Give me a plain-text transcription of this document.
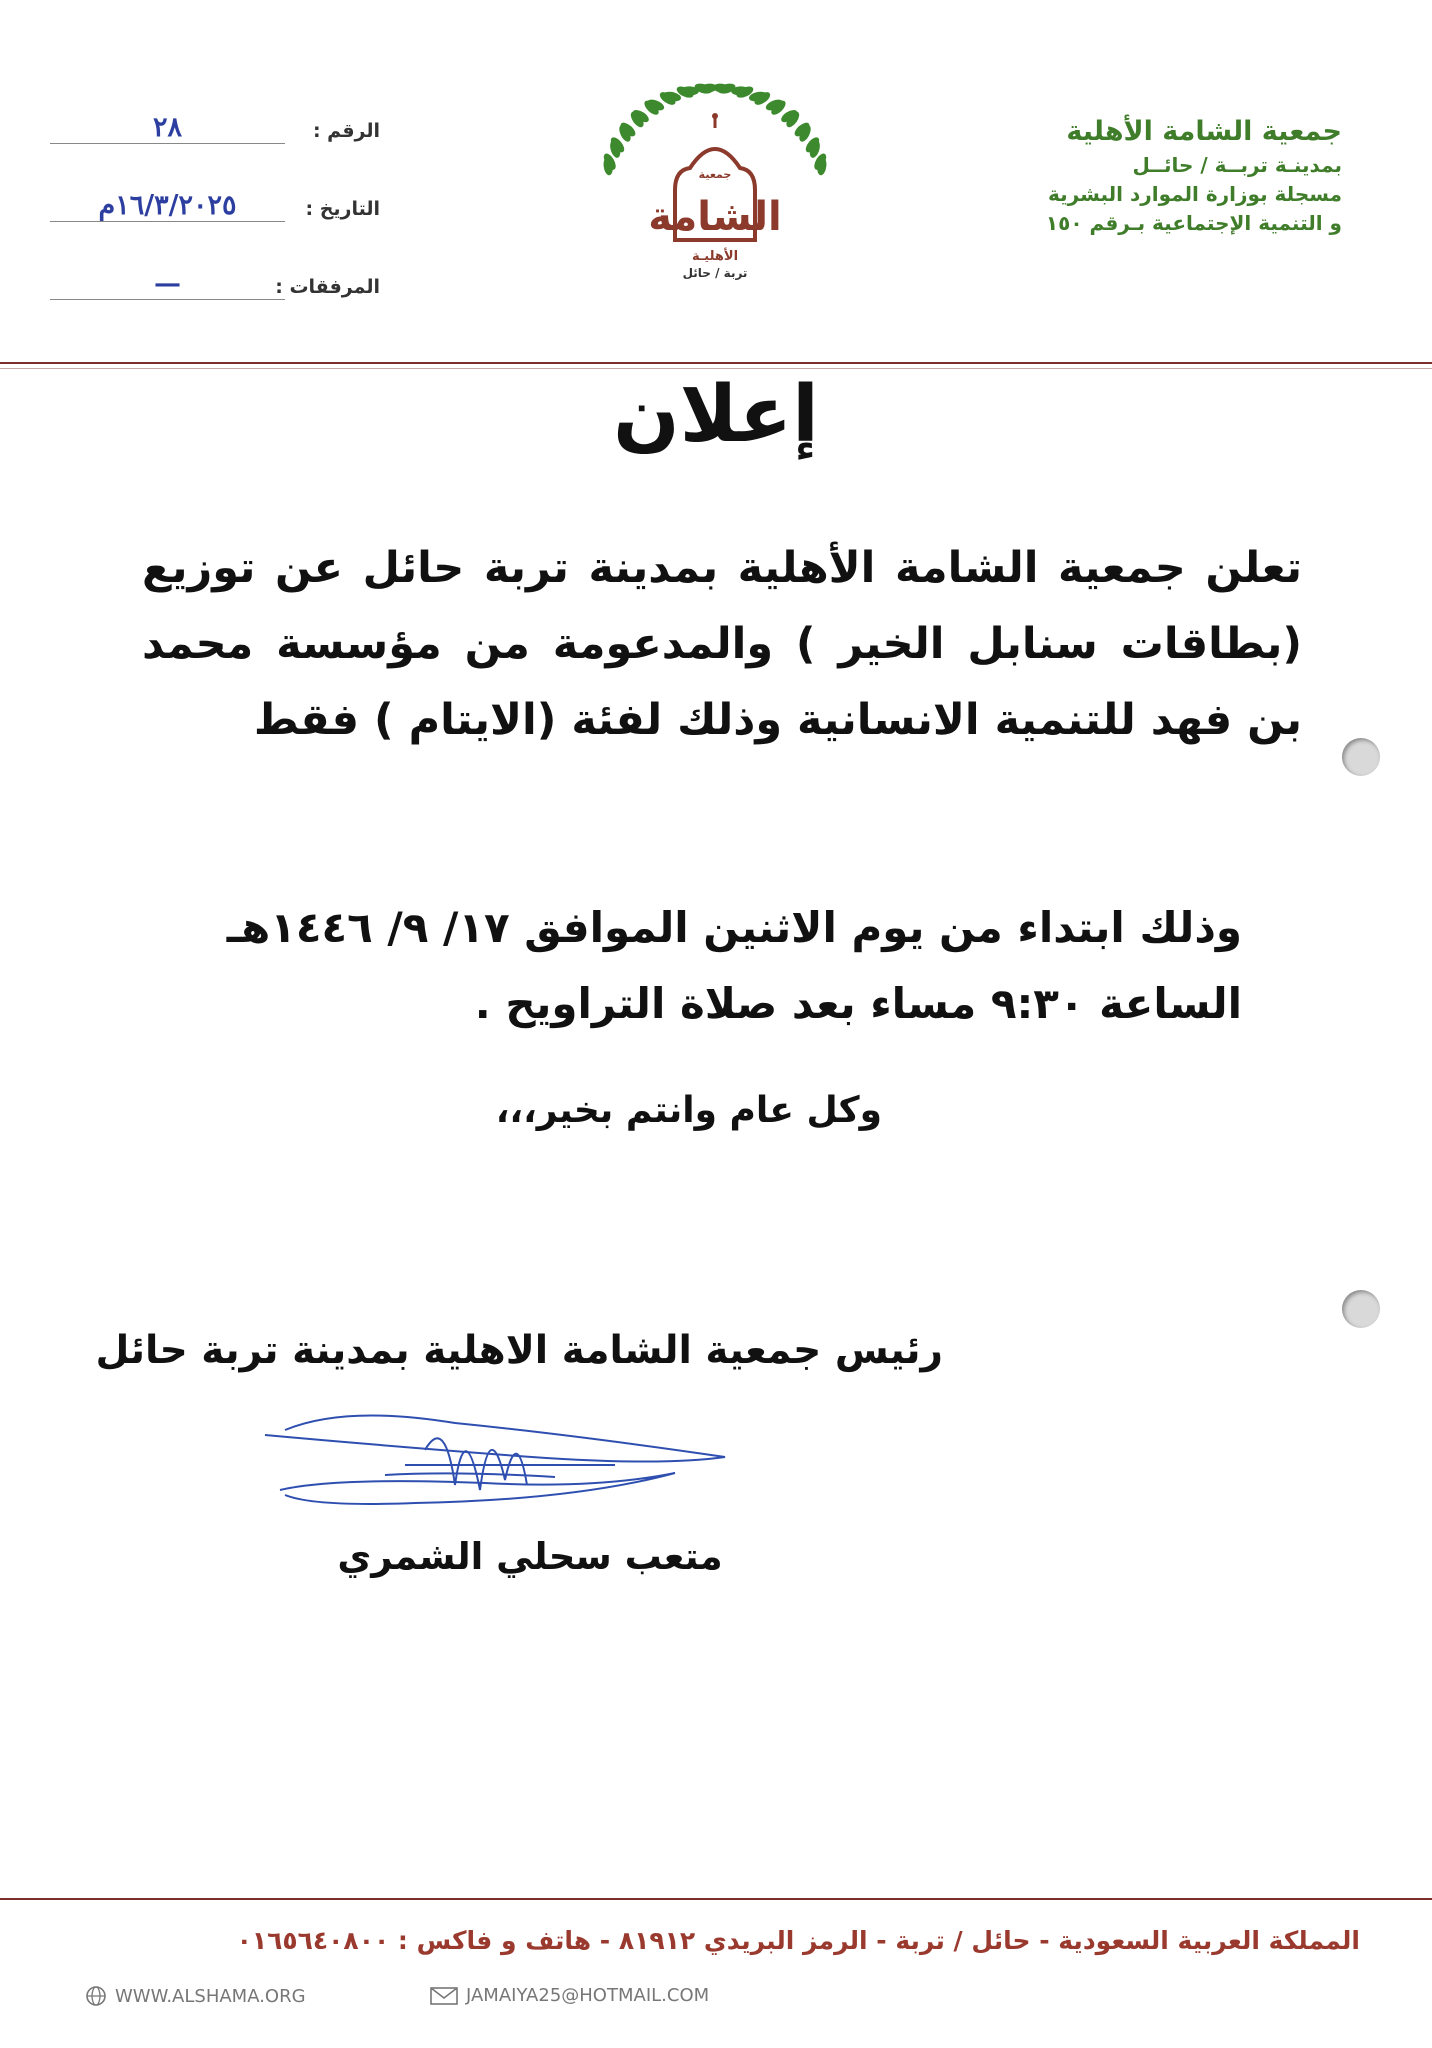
جمعية الشامة الأهلية
بمدينـة تربــة / حائــل
مسجلة بوزارة الموارد البشرية
و التنمية الإجتماعية بـرقم ١٥٠
جمعية
الشامة
الأهليـة
تربة / حائل
الرقم :
٢٨
التاريخ :
١٦/٣/٢٠٢٥م
المرفقات :
—
إعلان
تعلن جمعية الشامة الأهلية بمدينة تربة حائل عن توزيع (بطاقات سنابل الخير ) والمدعومة من مؤسسة محمد بن فهد للتنمية الانسانية وذلك لفئة (الايتام ) فقط
وذلك ابتداء من يوم الاثنين الموافق ١٧/ ٩/ ١٤٤٦هـ
الساعة ٩:٣٠ مساء بعد صلاة التراويح .
وكل عام وانتم بخير،،،
رئيس جمعية الشامة الاهلية بمدينة تربة حائل
متعب سحلي الشمري
المملكة العربية السعودية - حائل / تربة - الرمز البريدي ٨١٩١٢ - هاتف و فاكس : ٠١٦٥٦٤٠٨٠٠
WWW.ALSHAMA.ORG	JAMAIYA25@HOTMAIL.COM
